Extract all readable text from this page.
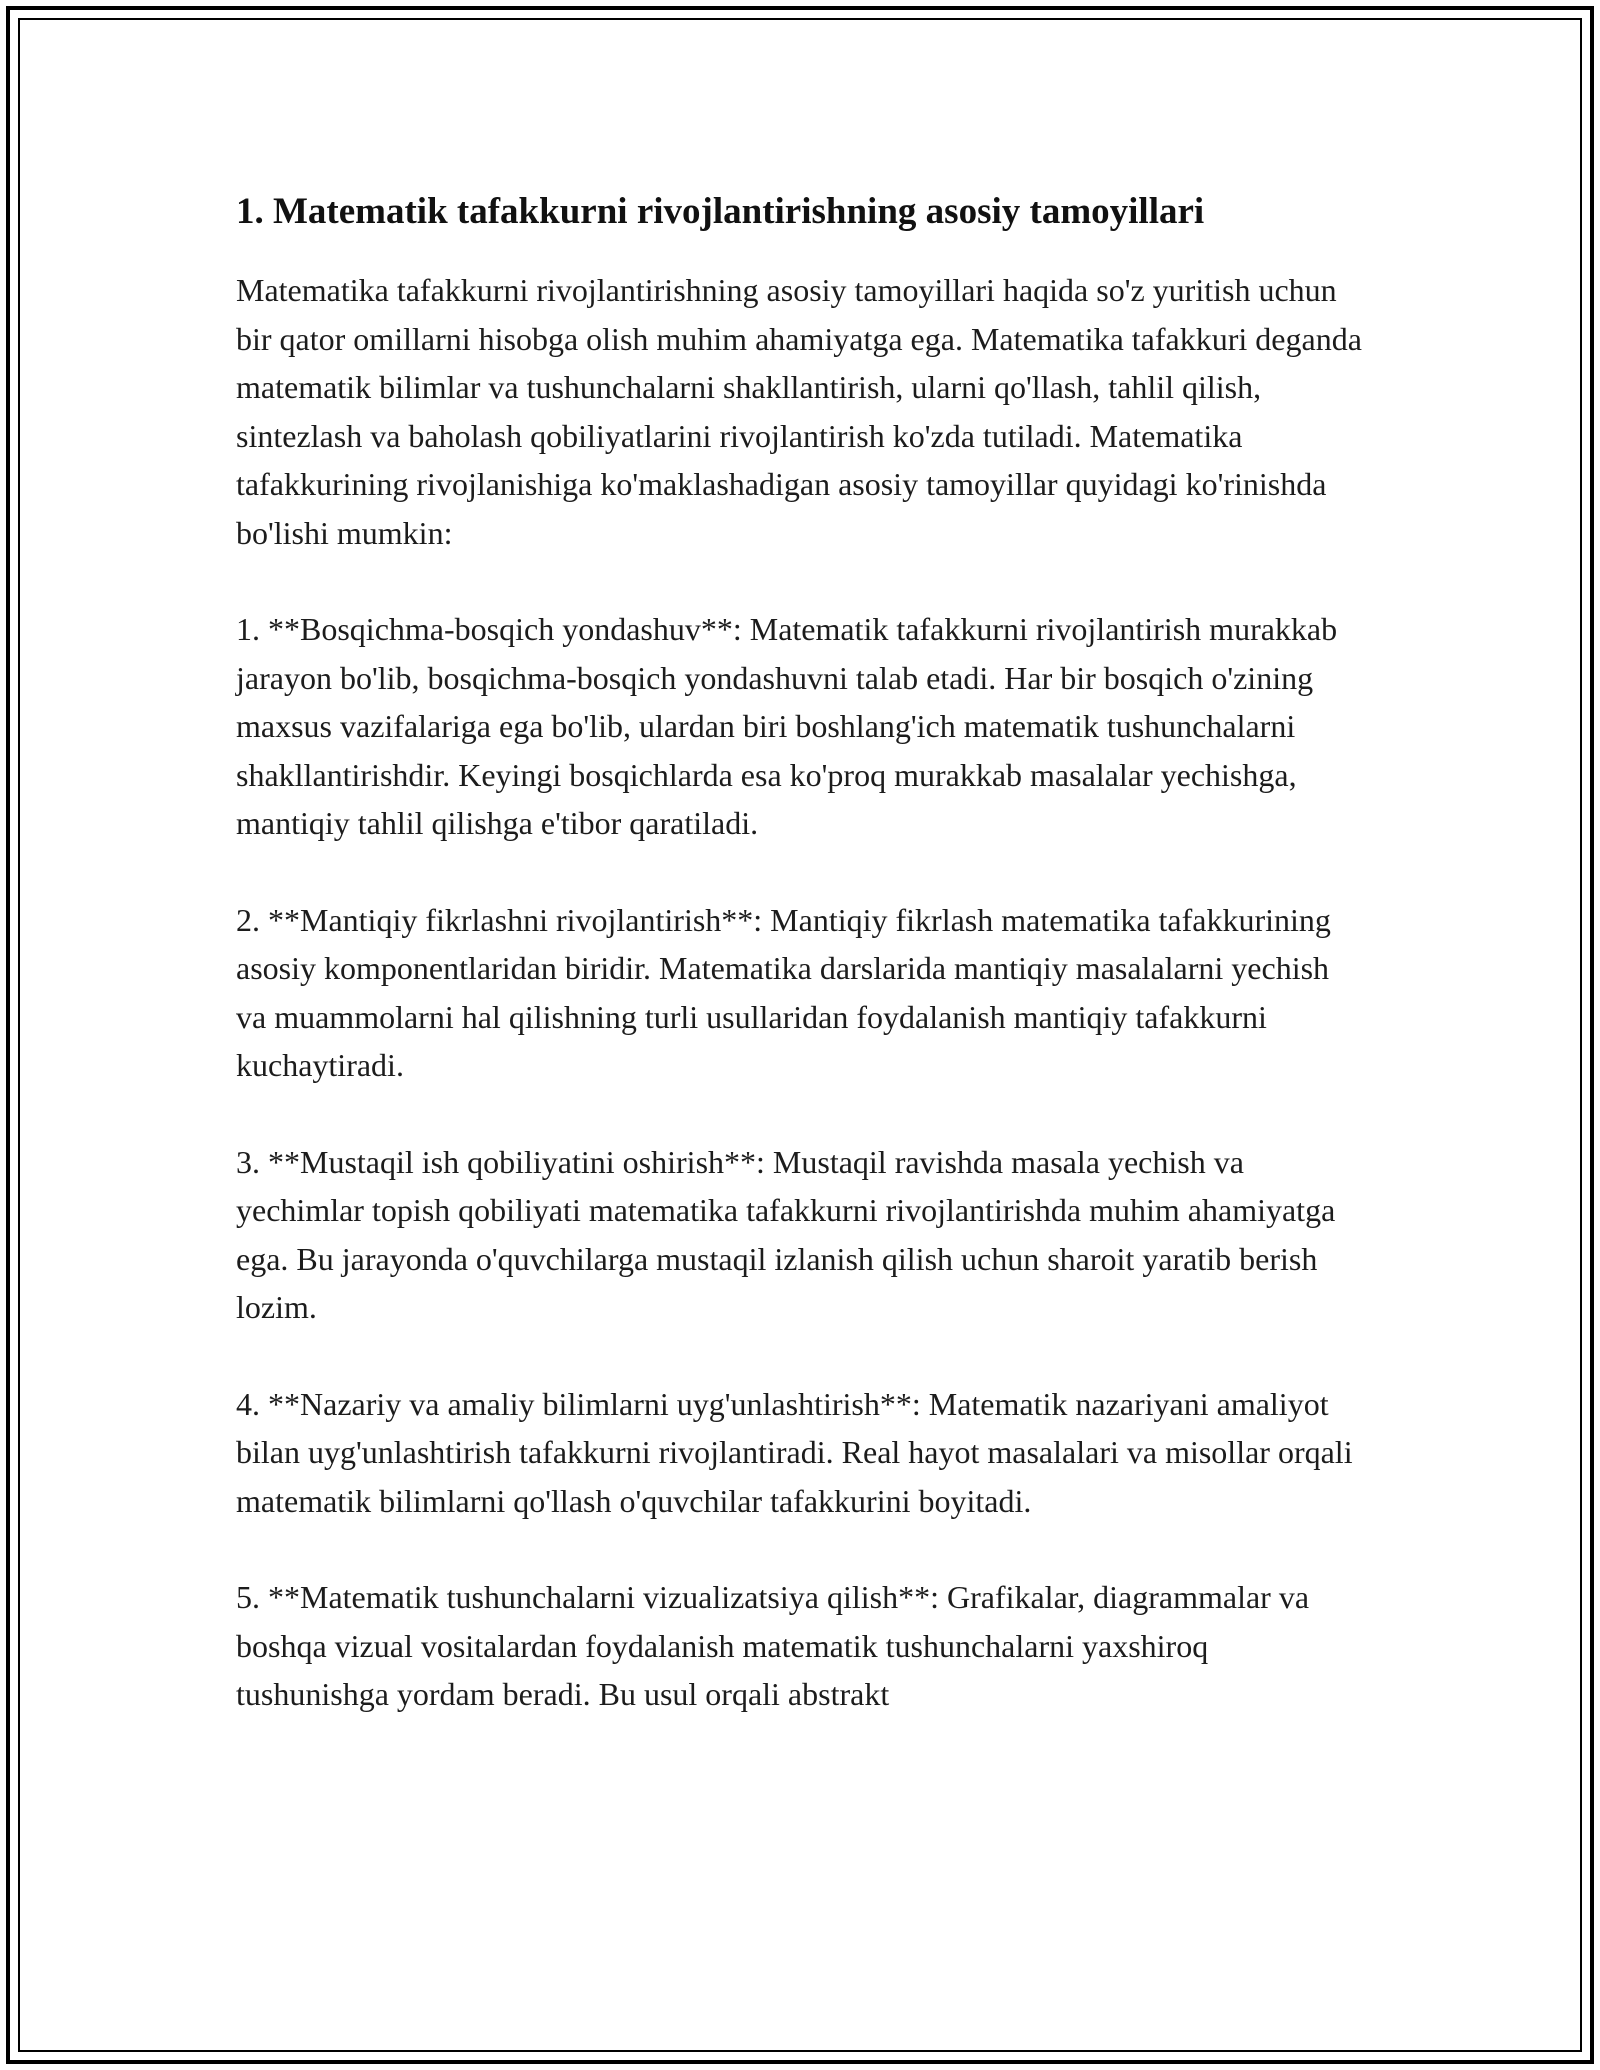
1. Matematik tafakkurni rivojlantirishning asosiy tamoyillari

Matematika tafakkurni rivojlantirishning asosiy tamoyillari haqida so'z yuritish uchun bir qator omillarni hisobga olish muhim ahamiyatga ega. Matematika tafakkuri deganda matematik bilimlar va tushunchalarni shakllantirish, ularni qo'llash, tahlil qilish, sintezlash va baholash qobiliyatlarini rivojlantirish ko'zda tutiladi. Matematika tafakkurining rivojlanishiga ko'maklashadigan asosiy tamoyillar quyidagi ko'rinishda bo'lishi mumkin:

1. **Bosqichma-bosqich yondashuv**: Matematik tafakkurni rivojlantirish murakkab jarayon bo'lib, bosqichma-bosqich yondashuvni talab etadi. Har bir bosqich o'zining maxsus vazifalariga ega bo'lib, ulardan biri boshlang'ich matematik tushunchalarni shakllantirishdir. Keyingi bosqichlarda esa ko'proq murakkab masalalar yechishga, mantiqiy tahlil qilishga e'tibor qaratiladi.

2. **Mantiqiy fikrlashni rivojlantirish**: Mantiqiy fikrlash matematika tafakkurining asosiy komponentlaridan biridir. Matematika darslarida mantiqiy masalalarni yechish va muammolarni hal qilishning turli usullaridan foydalanish mantiqiy tafakkurni kuchaytiradi.

3. **Mustaqil ish qobiliyatini oshirish**: Mustaqil ravishda masala yechish va yechimlar topish qobiliyati matematika tafakkurni rivojlantirishda muhim ahamiyatga ega. Bu jarayonda o'quvchilarga mustaqil izlanish qilish uchun sharoit yaratib berish lozim.

4. **Nazariy va amaliy bilimlarni uyg'unlashtirish**: Matematik nazariyani amaliyot bilan uyg'unlashtirish tafakkurni rivojlantiradi. Real hayot masalalari va misollar orqali matematik bilimlarni qo'llash o'quvchilar tafakkurini boyitadi.

5. **Matematik tushunchalarni vizualizatsiya qilish**: Grafikalar, diagrammalar va boshqa vizual vositalardan foydalanish matematik tushunchalarni yaxshiroq tushunishga yordam beradi. Bu usul orqali abstrakt
